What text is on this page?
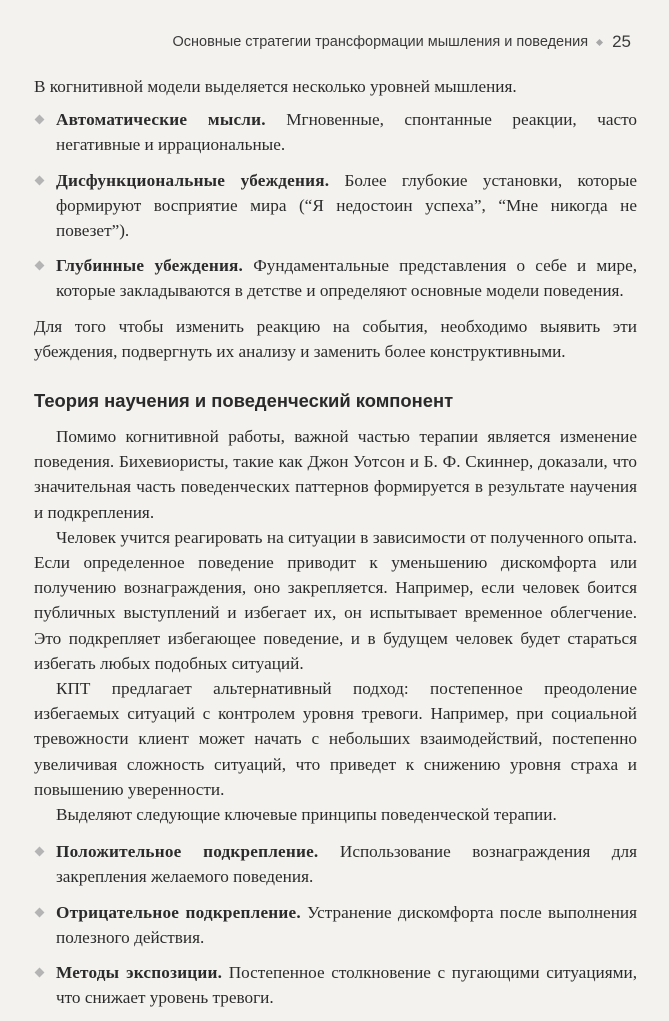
Основные стратегии трансформации мышления и поведения 25

В когнитивной модели выделяется несколько уровней мышления.

Автоматические мысли. Мгновенные, спонтанные реакции, часто негативные и иррациональные.
Дисфункциональные убеждения. Более глубокие установки, которые формируют восприятие мира (“Я недостоин успеха”, “Мне никогда не повезет”).
Глубинные убеждения. Фундаментальные представления о себе и мире, которые закладываются в детстве и определяют основные модели поведения.

Для того чтобы изменить реакцию на события, необходимо выявить эти убеждения, подвергнуть их анализу и заменить более конструктивными.

Теория научения и поведенческий компонент

Помимо когнитивной работы, важной частью терапии является изменение поведения. Бихевиористы, такие как Джон Уотсон и Б. Ф. Скиннер, доказали, что значительная часть поведенческих паттернов формируется в результате научения и подкрепления.

Человек учится реагировать на ситуации в зависимости от полученного опыта. Если определенное поведение приводит к уменьшению дискомфорта или получению вознаграждения, оно закрепляется. Например, если человек боится публичных выступлений и избегает их, он испытывает временное облегчение. Это подкрепляет избегающее поведение, и в будущем человек будет стараться избегать любых подобных ситуаций.

КПТ предлагает альтернативный подход: постепенное преодоление избегаемых ситуаций с контролем уровня тревоги. Например, при социальной тревожности клиент может начать с небольших взаимодействий, постепенно увеличивая сложность ситуаций, что приведет к снижению уровня страха и повышению уверенности.

Выделяют следующие ключевые принципы поведенческой терапии.

Положительное подкрепление. Использование вознаграждения для закрепления желаемого поведения.
Отрицательное подкрепление. Устранение дискомфорта после выполнения полезного действия.
Методы экспозиции. Постепенное столкновение с пугающими ситуациями, что снижает уровень тревоги.
